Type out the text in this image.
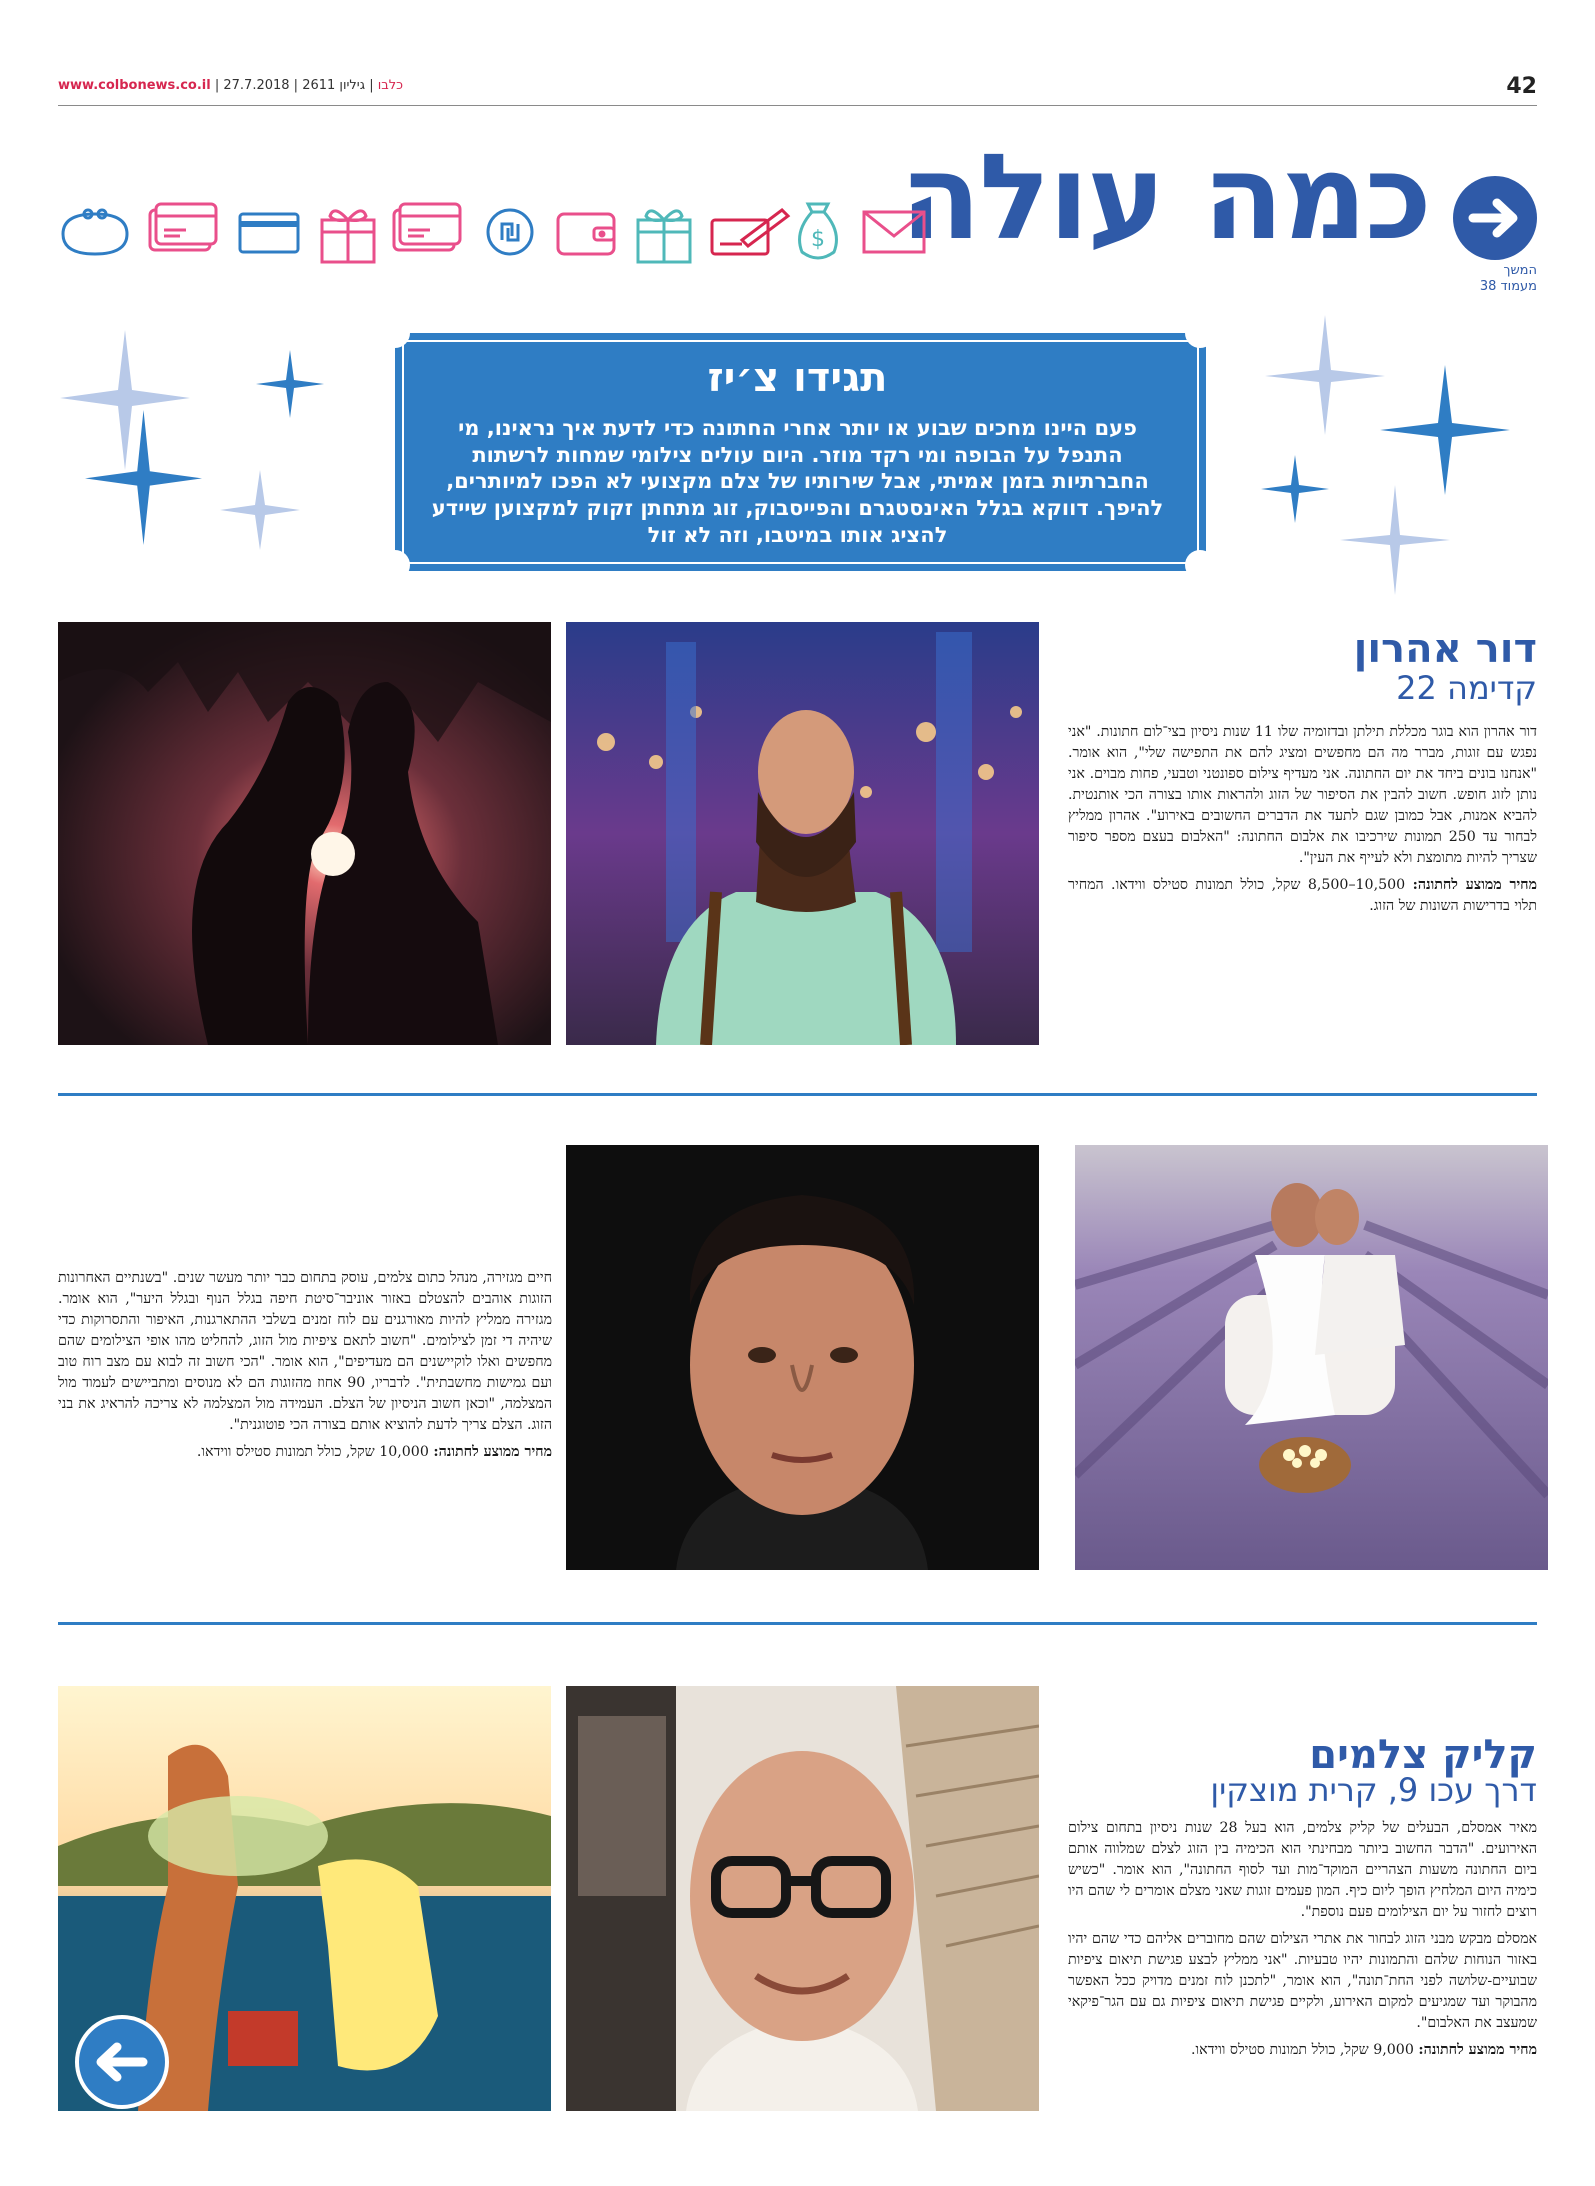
www.colbonews.co.il |	כלבו | גיליון 2611 | 27.7.2018	42
כמה עולה
המשך
מעמוד 38
$
תגידו צ׳יז
פעם היינו מחכים שבוע או יותר אחרי החתונה כדי לדעת איך נראינו, מי התנפל על הבופה ומי רקד מוזר. היום עולים צילומי שמחות לרשתות החברתיות בזמן אמיתי, אבל שירותיו של צלם מקצועי לא הפכו למיותרים, להיפך. דווקא בגלל האינסטגרם והפייסבוק, זוג מתחתן זקוק למקצוען שיידע להציג אותו במיטבו, וזה לא זול
דור אהרון
קדימה 22

דור אהרון הוא בוגר מכללת תילתן ובדזומיה שלו 11 שנות ניסיון בצי־לום חתונות. "אני נפגש עם זוגות, מברר מה הם מחפשים ומציג להם את התפישה שלי", הוא אומר. "אנחנו בונים ביחד את יום החתונה. אני מעדיף צילום ספונטני וטבעי, פחות מבוים. אני נותן לזוג חופש. חשוב להבין את הסיפור של הזוג ולהראות אותו בצורה הכי אותנטית. להביא אמנות, אבל כמובן שגם לתעד את הדברים החשובים באירוע". אהרון ממליץ לבחור עד 250 תמונות שירכיבו את אלבום החתונה: "האלבום בעצם מספר סיפור שצריך להיות מתומצת ולא לעייף את העין".

מחיר ממוצע לחתונה: 10,500–8,500 שקל, כולל תמונות סטילס ווידאו. המחיר תלוי בדרישות השונות של הזוג.

חיים מגזירה, מנהל כתום צלמים, עוסק בתחום כבר יותר מעשר שנים. "בשנתיים האחרונות הזוגות אוהבים להצטלם באזור אוניבר־סיטת חיפה בגלל הנוף ובגלל היער", הוא אומר. מגזירה ממליץ להיות מאורגנים עם לוח זמנים בשלבי ההתארגנות, האיפור והתסרוקות כדי שיהיה די זמן לצילומים. "חשוב לתאם ציפיות מול הזוג, להחליט מהו אופי הצילומים שהם מחפשים ואלו לוקיישנים הם מעדיפים", הוא אומר. "הכי חשוב זה לבוא עם מצב רוח טוב ועם גמישות מחשבתית". לדבריו, 90 אחוז מהזוגות הם לא מנוסים ומתביישים לעמוד מול המצלמה, "וכאן חשוב הניסיון של הצלם. העמידה מול המצלמה לא צריכה להראיג את בני הזוג. הצלם צריך לדעת להוציא אותם בצורה הכי פוטוגנית".

מחיר ממוצע לחתונה: 10,000 שקל, כולל תמונות סטילס ווידאו.

קליק צלמים
דרך עכו 9, קרית מוצקין

מאיר אמסלם, הבעלים של קליק צלמים, הוא בעל 28 שנות ניסיון בתחום צילום האירועים. "הדבר החשוב ביותר מבחינתי הוא הכימיה בין הזוג לצלם שמלווה אותם ביום החתונה משעות הצהריים המוקד־מות ועד לסוף החתונה", הוא אומר. "כשיש כימיה היום המלחיץ הופך ליום כיף. המון פעמים זוגות שאני מצלם אומרים לי שהם היו רוצים לחזור על יום הצילומים פעם נוספת".

אמסלם מבקש מבני הזוג לבחור את אתרי הצילום שהם מחוברים אליהם כדי שהם יהיו באזור הנוחות שלהם והתמונות יהיו טבעיות. "אני ממליץ לבצע פגישת תיאום ציפיות שבועיים-שלושה לפני החת־תונה", הוא אומר, "לתכנן לוח זמנים מדויק ככל האפשר מהבוקר ועד שמגיעים למקום האירוע, ולקיים פגישת תיאום ציפיות גם עם הגר־פיקאי שמעצב את האלבום".

מחיר ממוצע לחתונה: 9,000 שקל, כולל תמונות סטילס ווידאו.
